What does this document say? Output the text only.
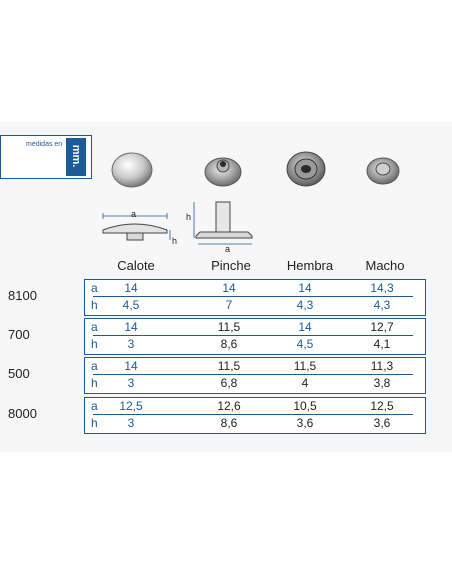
medidas en
mm.
a
h
h
a
Calote	Pinche	Hembra	Macho
8100	a	14	14	14	14,3
h	4,5	7	4,3	4,3
700	a	14	11,5	14	12,7
h	3	8,6	4,5	4,1
500	a	14	11,5	11,5	11,3
h	3	6,8	4	3,8
8000	a	12,5	12,6	10,5	12,5
h	3	8,6	3,6	3,6
